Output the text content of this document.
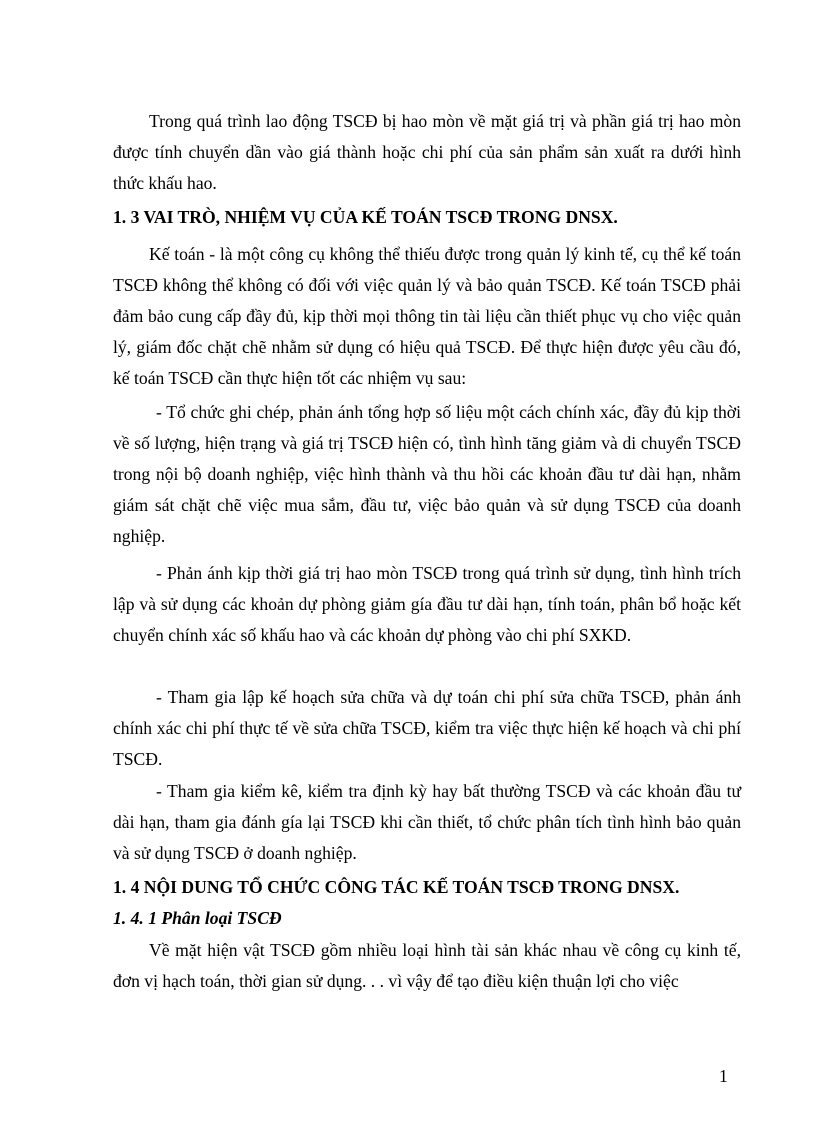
Trong quá trình lao động TSCĐ bị hao mòn về mặt giá trị và phần giá trị hao mòn được tính chuyển dần vào giá thành hoặc chi phí của sản phẩm sản xuất ra dưới hình thức khấu hao.

1. 3 VAI TRÒ, NHIỆM VỤ CỦA KẾ TOÁN TSCĐ TRONG DNSX.

Kế toán - là một công cụ không thể thiếu được trong quản lý kinh tế, cụ thể kế toán TSCĐ không thể không có đối với việc quản lý và bảo quản TSCĐ. Kế toán TSCĐ phải đảm bảo cung cấp đầy đủ, kịp thời mọi thông tin tài liệu cần thiết phục vụ cho việc quản lý, giám đốc chặt chẽ nhằm sử dụng có hiệu quả TSCĐ. Để thực hiện được yêu cầu đó, kế toán TSCĐ cần thực hiện tốt các nhiệm vụ sau:

- Tổ chức ghi chép, phản ánh tổng hợp số liệu một cách chính xác, đầy đủ kịp thời về số lượng, hiện trạng và giá trị TSCĐ hiện có, tình hình tăng giảm và di chuyển TSCĐ trong nội bộ doanh nghiệp, việc hình thành và thu hồi các khoản đầu tư dài hạn, nhằm giám sát chặt chẽ việc mua sắm, đầu tư, việc bảo quản và sử dụng TSCĐ của doanh nghiệp.

- Phản ánh kịp thời giá trị hao mòn TSCĐ trong quá trình sử dụng, tình hình trích lập và sử dụng các khoản dự phòng giảm gía đầu tư dài hạn, tính toán, phân bổ hoặc kết chuyển chính xác số khấu hao và các khoản dự phòng vào chi phí SXKD.

- Tham gia lập kế hoạch sửa chữa và dự toán chi phí sửa chữa TSCĐ, phản ánh chính xác chi phí thực tế về sửa chữa TSCĐ, kiểm tra việc thực hiện kế hoạch và chi phí TSCĐ.

- Tham gia kiểm kê, kiểm tra định kỳ hay bất thường TSCĐ và các khoản đầu tư dài hạn, tham gia đánh gía lại TSCĐ khi cần thiết, tổ chức phân tích tình hình bảo quản và sử dụng TSCĐ ở doanh nghiệp.

1. 4 NỘI DUNG TỔ CHỨC CÔNG TÁC KẾ TOÁN TSCĐ TRONG DNSX.
1. 4. 1 Phân loại TSCĐ

Về mặt hiện vật TSCĐ gồm nhiều loại hình tài sản khác nhau về công cụ kinh tế, đơn vị hạch toán, thời gian sử dụng. . . vì vậy để tạo điều kiện thuận lợi cho việc

1
